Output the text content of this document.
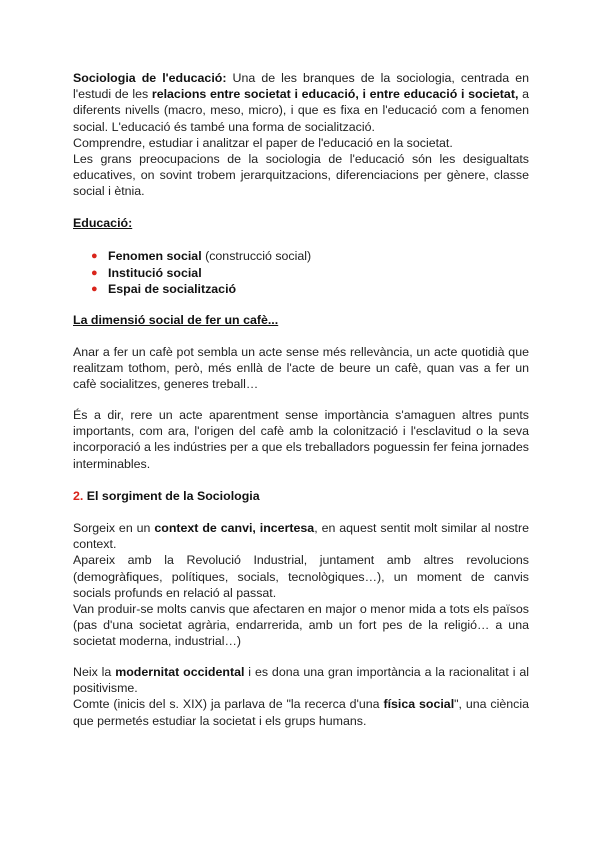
Sociologia de l'educació: Una de les branques de la sociologia, centrada en l'estudi de les relacions entre societat i educació, i entre educació i societat, a diferents nivells (macro, meso, micro), i que es fixa en l'educació com a fenomen social. L'educació és també una forma de socialització.

Comprendre, estudiar i analitzar el paper de l'educació en la societat.

Les grans preocupacions de la sociologia de l'educació són les desigualtats educatives, on sovint trobem jerarquitzacions, diferenciacions per gènere, classe social i ètnia.

Educació:

● Fenomen social (construcció social)
● Institució social
● Espai de socialització

La dimensió social de fer un cafè...

Anar a fer un cafè pot sembla un acte sense més rellevància, un acte quotidià que realitzam tothom, però, més enllà de l'acte de beure un cafè, quan vas a fer un cafè socialitzes, generes treball…

És a dir, rere un acte aparentment sense importància s'amaguen altres punts importants, com ara, l'origen del cafè amb la colonització i l'esclavitud o la seva incorporació a les indústries per a que els treballadors poguessin fer feina jornades interminables.

2. El sorgiment de la Sociologia

Sorgeix en un context de canvi, incertesa, en aquest sentit molt similar al nostre context.

Apareix amb la Revolució Industrial, juntament amb altres revolucions (demogràfiques, polítiques, socials, tecnològiques…), un moment de canvis socials profunds en relació al passat.

Van produir-se molts canvis que afectaren en major o menor mida a tots els països (pas d'una societat agrària, endarrerida, amb un fort pes de la religió… a una societat moderna, industrial…)

Neix la modernitat occidental i es dona una gran importància a la racionalitat i al positivisme.

Comte (inicis del s. XIX) ja parlava de "la recerca d'una física social", una ciència que permetés estudiar la societat i els grups humans.
